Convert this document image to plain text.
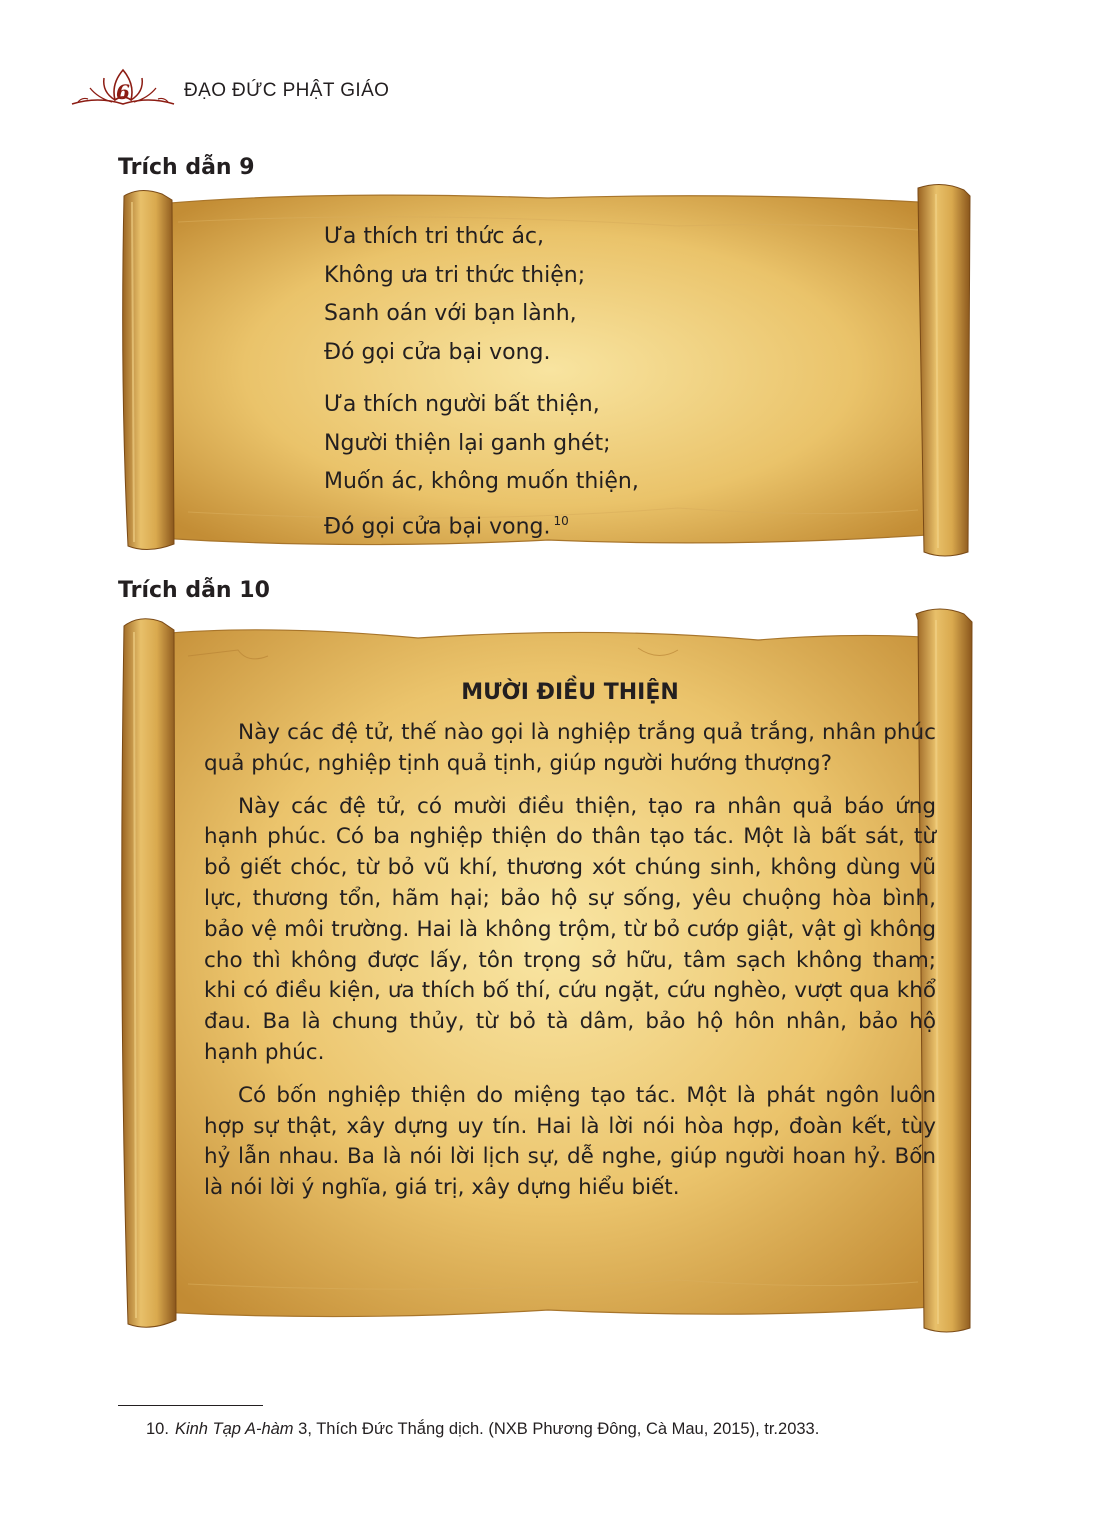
6	ĐẠO ĐỨC PHẬT GIÁO
Trích dẫn 9

Ưa thích tri thức ác,
Không ưa tri thức thiện;
Sanh oán với bạn lành,
Đó gọi cửa bại vong.

Ưa thích người bất thiện,
Người thiện lại ganh ghét;
Muốn ác, không muốn thiện,
Đó gọi cửa bại vong. $^{10}$

Trích dẫn 10
MƯỜI ĐIỀU THIỆN

Này các đệ tử, thế nào gọi là nghiệp trắng quả trắng, nhân phúc quả phúc, nghiệp tịnh quả tịnh, giúp người hướng thượng?

Này các đệ tử, có mười điều thiện, tạo ra nhân quả báo ứng hạnh phúc. Có ba nghiệp thiện do thân tạo tác. Một là bất sát, từ bỏ giết chóc, từ bỏ vũ khí, thương xót chúng sinh, không dùng vũ lực, thương tổn, hãm hại; bảo hộ sự sống, yêu chuộng hòa bình, bảo vệ môi trường. Hai là không trộm, từ bỏ cướp giật, vật gì không cho thì không được lấy, tôn trọng sở hữu, tâm sạch không tham; khi có điều kiện, ưa thích bố thí, cứu ngặt, cứu nghèo, vượt qua khổ đau. Ba là chung thủy, từ bỏ tà dâm, bảo hộ hôn nhân, bảo hộ hạnh phúc.

Có bốn nghiệp thiện do miệng tạo tác. Một là phát ngôn luôn hợp sự thật, xây dựng uy tín. Hai là lời nói hòa hợp, đoàn kết, tùy hỷ lẫn nhau. Ba là nói lời lịch sự, dễ nghe, giúp người hoan hỷ. Bốn là nói lời ý nghĩa, giá trị, xây dựng hiểu biết.

10. Kinh Tạp A-hàm 3, Thích Đức Thắng dịch. (NXB Phương Đông, Cà Mau, 2015), tr.2033.
